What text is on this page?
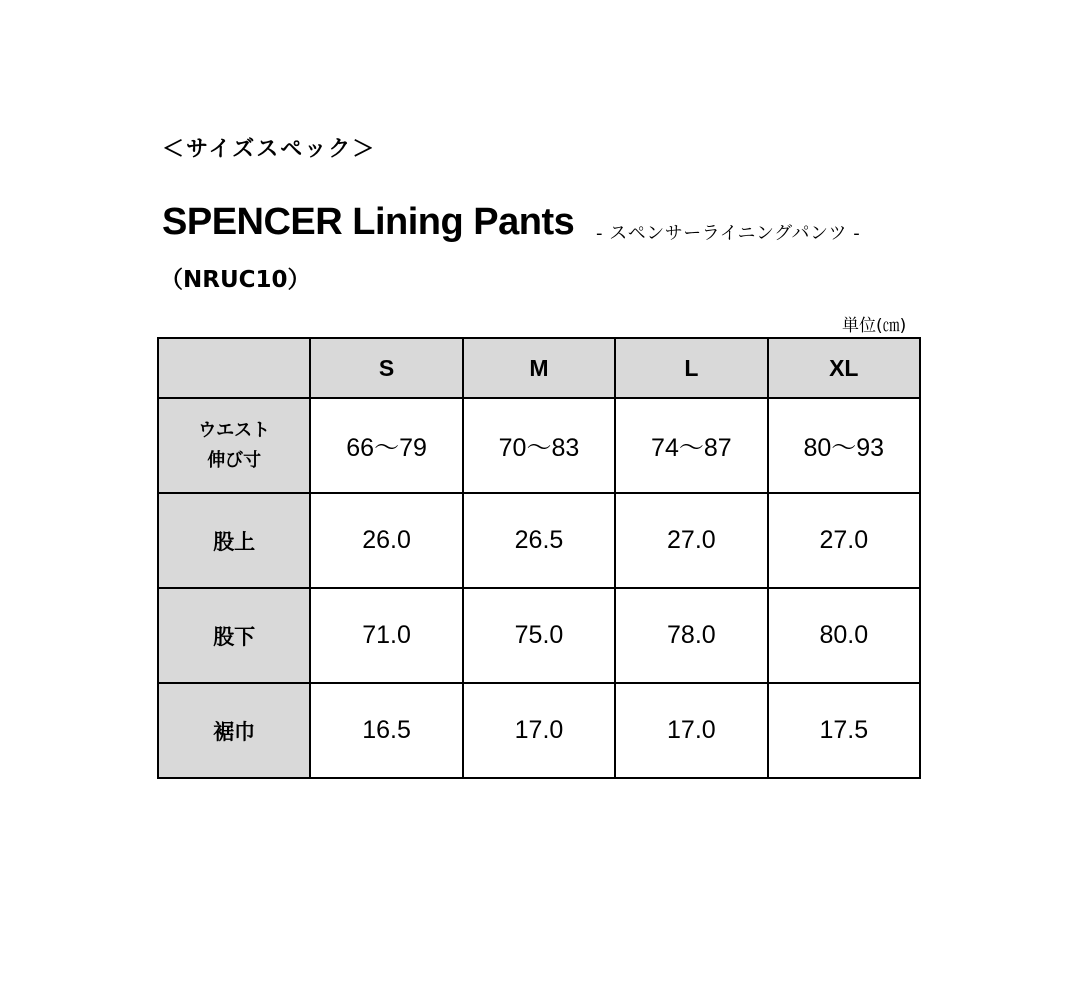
＜サイズスペック＞
SPENCER Lining Pants - スペンサーライニングパンツ -
（NRUC10）
単位(㎝)
	S	M	L	XL

ウエスト
伸び寸	66～79	70～83	74～87	80～93
股上	26.0	26.5	27.0	27.0
股下	71.0	75.0	78.0	80.0
裾巾	16.5	17.0	17.0	17.5
